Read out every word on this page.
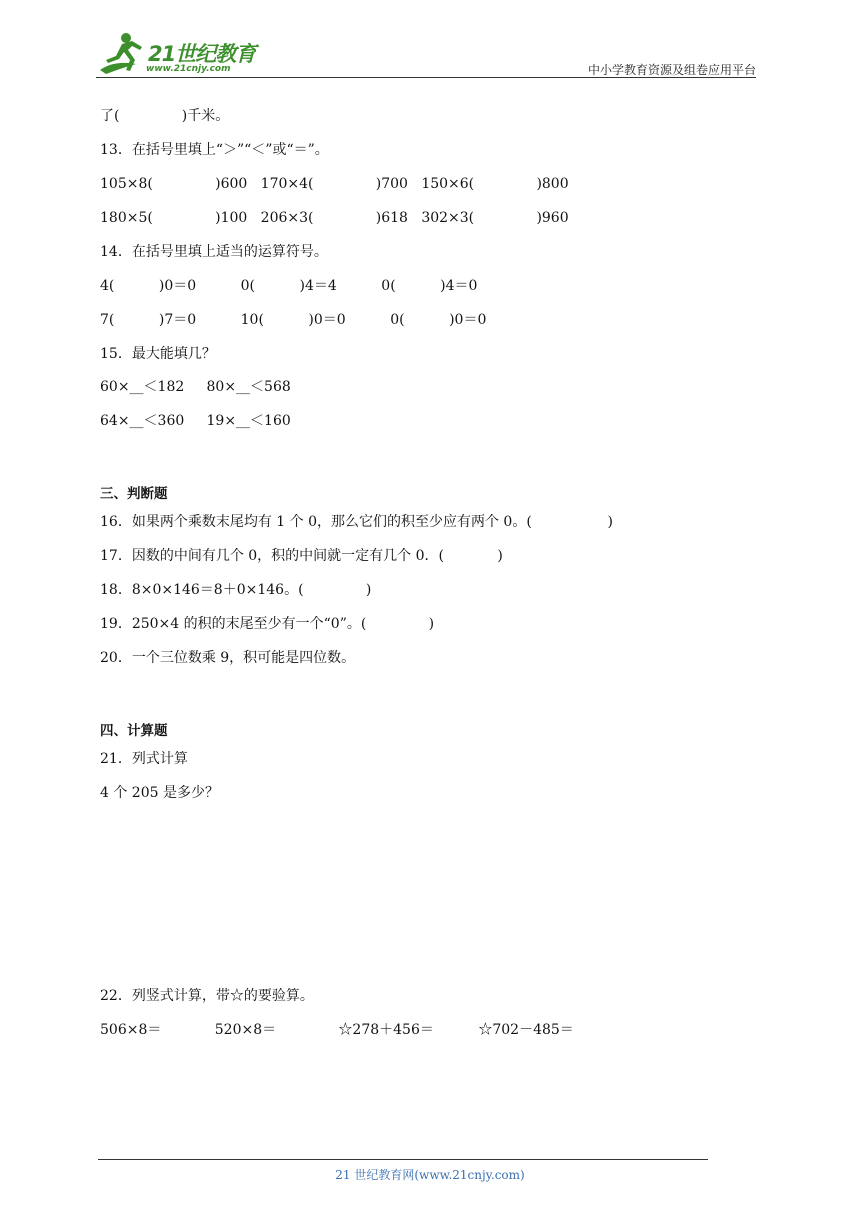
21世纪教育
www.21cnjy.com	中小学教育资源及组卷应用平台
了(              )千米。
13．在括号里填上“＞”“＜”或“＝”。
105×8(              )600   170×4(              )700   150×6(              )800
180×5(              )100   206×3(              )618   302×3(              )960
14．在括号里填上适当的运算符号。
4(          )0＝0          0(          )4＝4          0(          )4＝0
7(          )7＝0          10(          )0＝0          0(          )0＝0
15．最大能填几？
60×__＜182     80×__＜568
64×__＜360     19×__＜160
三、判断题
16．如果两个乘数末尾均有 1 个 0，那么它们的积至少应有两个 0。(                 )
17．因数的中间有几个 0，积的中间就一定有几个 0．(            )
18．8×0×146＝8＋0×146。(              )
19．250×4 的积的末尾至少有一个“0”。(              )
20．一个三位数乘 9，积可能是四位数。
四、计算题
21．列式计算
4 个 205 是多少？
22．列竖式计算，带☆的要验算。
506×8＝            520×8＝              ☆278＋456＝          ☆702－485＝
21 世纪教育网(www.21cnjy.com)
